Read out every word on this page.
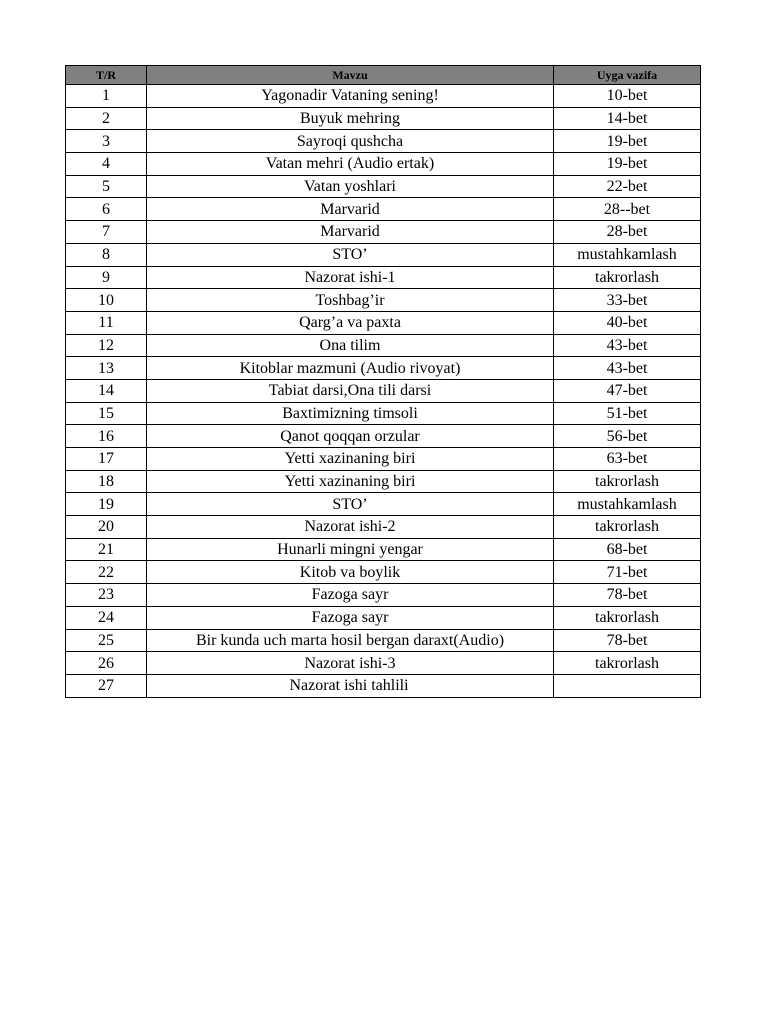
T/R	Mavzu	Uyga vazifa
1	Yagonadir Vataning sening!	10-bet
2	Buyuk mehring	14-bet
3	Sayroqi qushcha	19-bet
4	Vatan mehri (Audio ertak)	19-bet
5	Vatan yoshlari	22-bet
6	Marvarid	28--bet
7	Marvarid	28-bet
8	STO’	mustahkamlash
9	Nazorat ishi-1	takrorlash
10	Toshbag’ir	33-bet
11	Qarg’a va paxta	40-bet
12	Ona tilim	43-bet
13	Kitoblar mazmuni (Audio rivoyat)	43-bet
14	Tabiat darsi,Ona tili darsi	47-bet
15	Baxtimizning timsoli	51-bet
16	Qanot qoqqan orzular	56-bet
17	Yetti xazinaning biri	63-bet
18	Yetti xazinaning biri	takrorlash
19	STO’	mustahkamlash
20	Nazorat ishi-2	takrorlash
21	Hunarli mingni yengar	68-bet
22	Kitob va boylik	71-bet
23	Fazoga sayr	78-bet
24	Fazoga sayr	takrorlash
25	Bir kunda uch marta hosil bergan daraxt(Audio)	78-bet
26	Nazorat ishi-3	takrorlash
27	Nazorat ishi tahlili	
